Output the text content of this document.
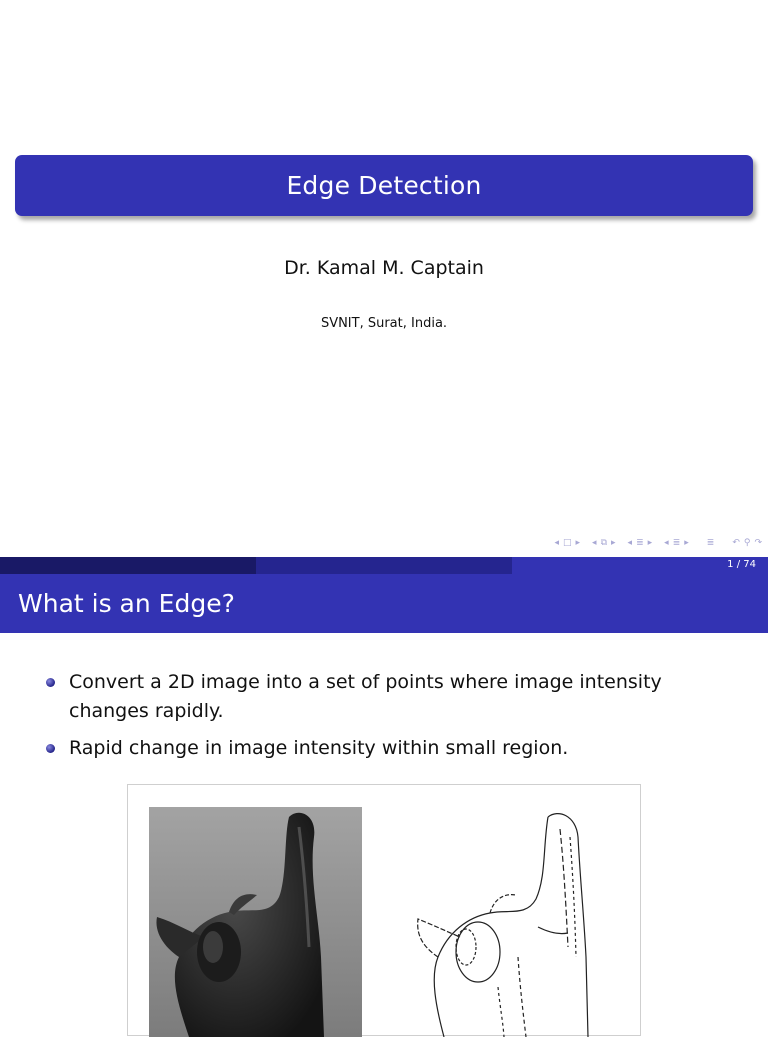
Edge Detection
Dr. Kamal M. Captain
SVNIT, Surat, India.
◂ □ ▸ ◂ ⧉ ▸ ◂ ≣ ▸ ◂ ≣ ▸ ≣ ↶ ⚲ ↷
1 / 74
What is an Edge?
Convert a 2D image into a set of points where image intensity changes rapidly.
Rapid change in image intensity within small region.
